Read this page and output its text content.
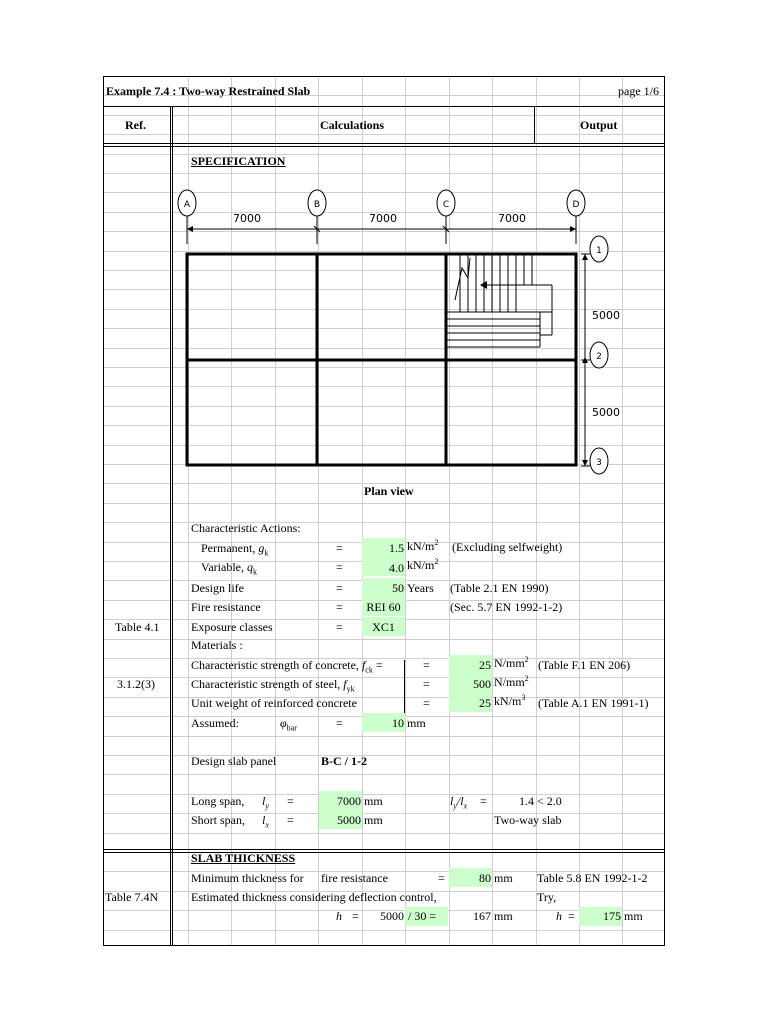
Example 7.4 : Two-way Restrained Slab	page 1/6
Ref.	Calculations	Output
SPECIFICATION
A	B	C	D
1
2
3
7000	7000	7000
5000
5000
Plan view
Characteristic Actions:
Permanent, $g_k$	=	1.5 $kN/m^2$ (Excluding selfweight)
Variable, $q_k$	=	4.0 $kN/m^2$
Design life	=	50 Years (Table 2.1 EN 1990)
Fire resistance	=	REI 60	(Sec. 5.7 EN 1992-1-2)
Table 4.1	Exposure classes	=	XC1
Materials :
Characteristic strength of concrete, $f_{ck}$ =	=	25 $N/mm^2$ (Table F.1 EN 206)
3.1.2(3)	Characteristic strength of steel, $f_{yk}$	=	500 $N/mm^2$
Unit weight of reinforced concrete	=	25 $kN/m^3$ (Table A.1 EN 1991-1)
Assumed:	$\varphi_{bar}$	=	10 mm
Design slab panel	B-C / 1-2
Long span, $l_y$ =	7000 mm	$l_y/l_x$ =	1.4 < 2.0
Short span, $l_x$ =	5000 mm	Two-way slab
SLAB THICKNESS
Minimum thickness for fire resistance	=	80 mm Table 5.8 EN 1992-1-2
Table 7.4N	Estimated thickness considering deflection control,	Try,
h =	5000 / 30 =	167 mm	h =	175 mm
